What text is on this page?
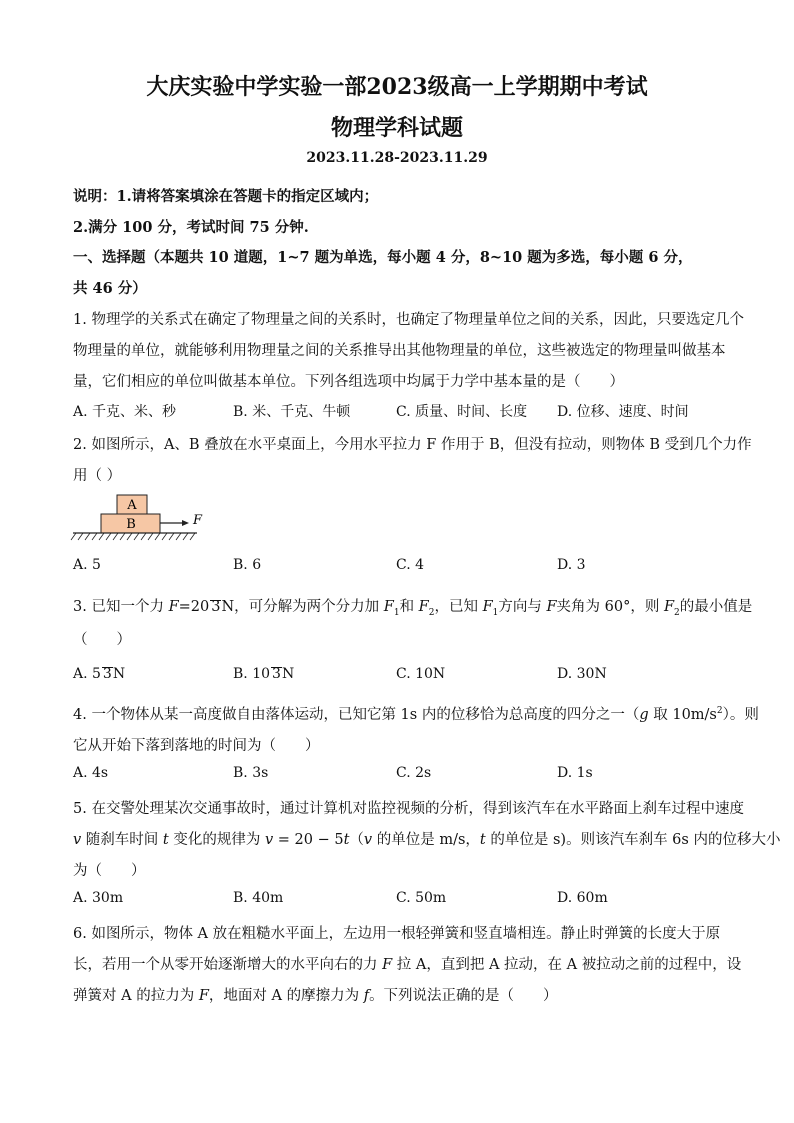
大庆实验中学实验一部2023级高一上学期期中考试
物理学科试题
2023.11.28-2023.11.29
说明：1.请将答案填涂在答题卡的指定区域内；
2.满分 100 分，考试时间 75 分钟.
一、选择题（本题共 10 道题，1~7 题为单选，每小题 4 分，8~10 题为多选，每小题 6 分，
共 46 分）
1. 物理学的关系式在确定了物理量之间的关系时，也确定了物理量单位之间的关系，因此，只要选定几个
物理量的单位，就能够利用物理量之间的关系推导出其他物理量的单位，这些被选定的物理量叫做基本
量，它们相应的单位叫做基本单位。下列各组选项中均属于力学中基本量的是（　　）
A. 千克、米、秒	B. 米、千克、牛顿	C. 质量、时间、长度 D. 位移、速度、时间
2. 如图所示，A、B 叠放在水平桌面上，今用水平拉力 F 作用于 B，但没有拉动，则物体 B 受到几个力作
用（ ）
A
B	F
A. 5	B. 6	C. 4	D. 3
3. 已知一个力 F=20 3N，可分解为两个分力加 $F_1$和 $F_2$，已知 $F_1$方向与 F夹角为 60°，则 $F_2$的最小值是
（　　）
A. 5 3N	B. 10 3N	C. 10N	D. 30N
4. 一个物体从某一高度做自由落体运动，已知它第 1s 内的位移恰为总高度的四分之一（g 取 $10m/s^2$）。则
它从开始下落到落地的时间为（　　）
A. 4s	B. 3s	C. 2s	D. 1s
5. 在交警处理某次交通事故时，通过计算机对监控视频的分析，得到该汽车在水平路面上刹车过程中速度
v 随刹车时间 t 变化的规律为 v = 20 − 5t（v 的单位是 m/s，t 的单位是 s)。则该汽车刹车 6s 内的位移大小
为（　　）
A. 30m	B. 40m	C. 50m	D. 60m
6. 如图所示，物体 A 放在粗糙水平面上，左边用一根轻弹簧和竖直墙相连。静止时弹簧的长度大于原
长，若用一个从零开始逐渐增大的水平向右的力 F 拉 A，直到把 A 拉动，在 A 被拉动之前的过程中，设
弹簧对 A 的拉力为 F，地面对 A 的摩擦力为 f。下列说法正确的是（　　）
